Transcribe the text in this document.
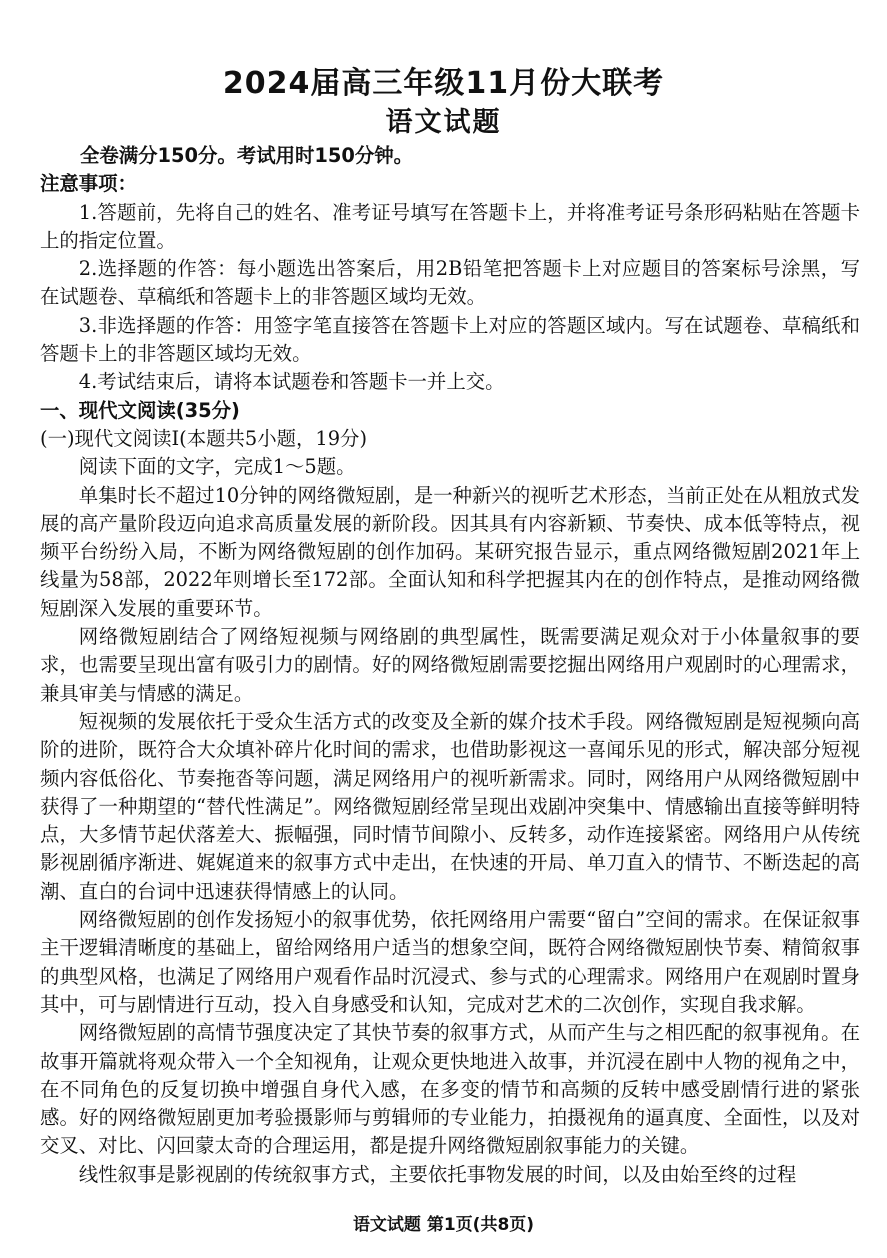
2024届高三年级11月份大联考
语文试题

全卷满分150分。考试用时150分钟。

注意事项：

1.答题前，先将自己的姓名、准考证号填写在答题卡上，并将准考证号条形码粘贴在答题卡上的指定位置。

2.选择题的作答：每小题选出答案后，用2B铅笔把答题卡上对应题目的答案标号涂黑，写在试题卷、草稿纸和答题卡上的非答题区域均无效。

3.非选择题的作答：用签字笔直接答在答题卡上对应的答题区域内。写在试题卷、草稿纸和答题卡上的非答题区域均无效。

4.考试结束后，请将本试题卷和答题卡一并上交。

一、现代文阅读(35分)

(一)现代文阅读Ⅰ(本题共5小题，19分)

阅读下面的文字，完成1～5题。

单集时长不超过10分钟的网络微短剧，是一种新兴的视听艺术形态，当前正处在从粗放式发展的高产量阶段迈向追求高质量发展的新阶段。因其具有内容新颖、节奏快、成本低等特点，视频平台纷纷入局，不断为网络微短剧的创作加码。某研究报告显示，重点网络微短剧2021年上线量为58部，2022年则增长至172部。全面认知和科学把握其内在的创作特点，是推动网络微短剧深入发展的重要环节。

网络微短剧结合了网络短视频与网络剧的典型属性，既需要满足观众对于小体量叙事的要求，也需要呈现出富有吸引力的剧情。好的网络微短剧需要挖掘出网络用户观剧时的心理需求，兼具审美与情感的满足。

短视频的发展依托于受众生活方式的改变及全新的媒介技术手段。网络微短剧是短视频向高阶的进阶，既符合大众填补碎片化时间的需求，也借助影视这一喜闻乐见的形式，解决部分短视频内容低俗化、节奏拖沓等问题，满足网络用户的视听新需求。同时，网络用户从网络微短剧中获得了一种期望的“替代性满足”。网络微短剧经常呈现出戏剧冲突集中、情感输出直接等鲜明特点，大多情节起伏落差大、振幅强，同时情节间隙小、反转多，动作连接紧密。网络用户从传统影视剧循序渐进、娓娓道来的叙事方式中走出，在快速的开局、单刀直入的情节、不断迭起的高潮、直白的台词中迅速获得情感上的认同。

网络微短剧的创作发扬短小的叙事优势，依托网络用户需要“留白”空间的需求。在保证叙事主干逻辑清晰度的基础上，留给网络用户适当的想象空间，既符合网络微短剧快节奏、精简叙事的典型风格，也满足了网络用户观看作品时沉浸式、参与式的心理需求。网络用户在观剧时置身其中，可与剧情进行互动，投入自身感受和认知，完成对艺术的二次创作，实现自我求解。

网络微短剧的高情节强度决定了其快节奏的叙事方式，从而产生与之相匹配的叙事视角。在故事开篇就将观众带入一个全知视角，让观众更快地进入故事，并沉浸在剧中人物的视角之中，在不同角色的反复切换中增强自身代入感，在多变的情节和高频的反转中感受剧情行进的紧张感。好的网络微短剧更加考验摄影师与剪辑师的专业能力，拍摄视角的逼真度、全面性，以及对交叉、对比、闪回蒙太奇的合理运用，都是提升网络微短剧叙事能力的关键。

线性叙事是影视剧的传统叙事方式，主要依托事物发展的时间，以及由始至终的过程

语文试题 第1页(共8页)
